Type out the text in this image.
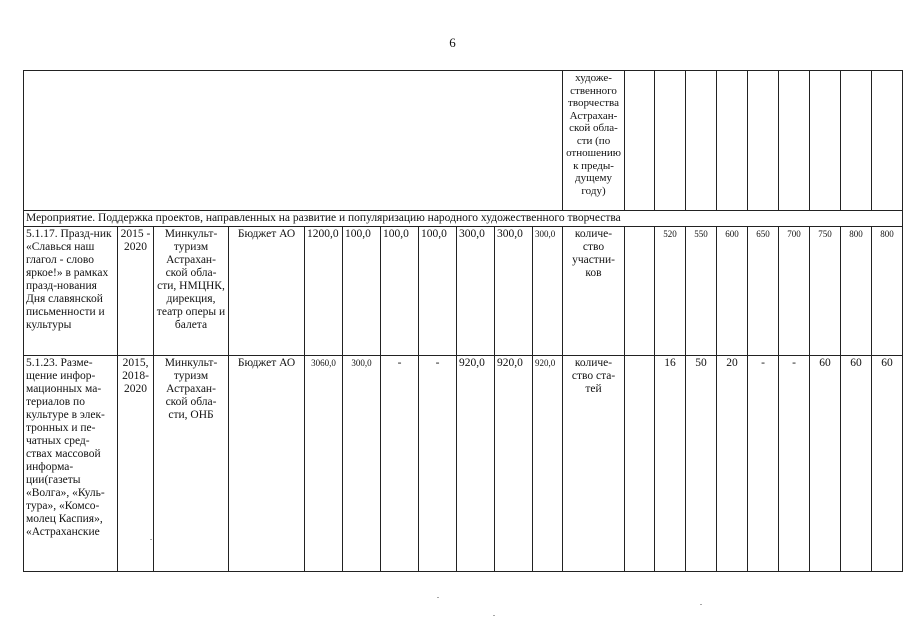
6
											художе-ственного творчества Астрахан-ской обла-сти (по отношению к преды-дущему году)									
Мероприятие. Поддержка проектов, направленных на развитие и популяризацию народного художественного творчества																				
5.1.17. Празд-ник «Славься наш глагол - слово яркое!» в рамках празд-нования Дня славянской письменности и культуры	2015 - 2020	Минкульт-туризм Астрахан-ской обла-сти, НМЦНК, дирекция, театр оперы и балета	Бюджет АО	1200,0	100,0	100,0	100,0	300,0	300,0	300,0	количе-ство участни-ков		520	550	600	650	700	750	800	800
5.1.23. Разме-щение инфор-мационных ма-териалов по культуре в элек-тронных и пе-чатных сред-ствах массовой информа-ции(газеты «Волга», «Куль-тура», «Комсо-молец Каспия», «Астраханские	2015, 2018-2020	Минкульт-туризм Астрахан-ской обла-сти, ОНБ	Бюджет АО	3060,0	300,0	-	-	920,0	920,0	920,0	количе-ство ста-тей		16	50	20	-	-	60	60	60
